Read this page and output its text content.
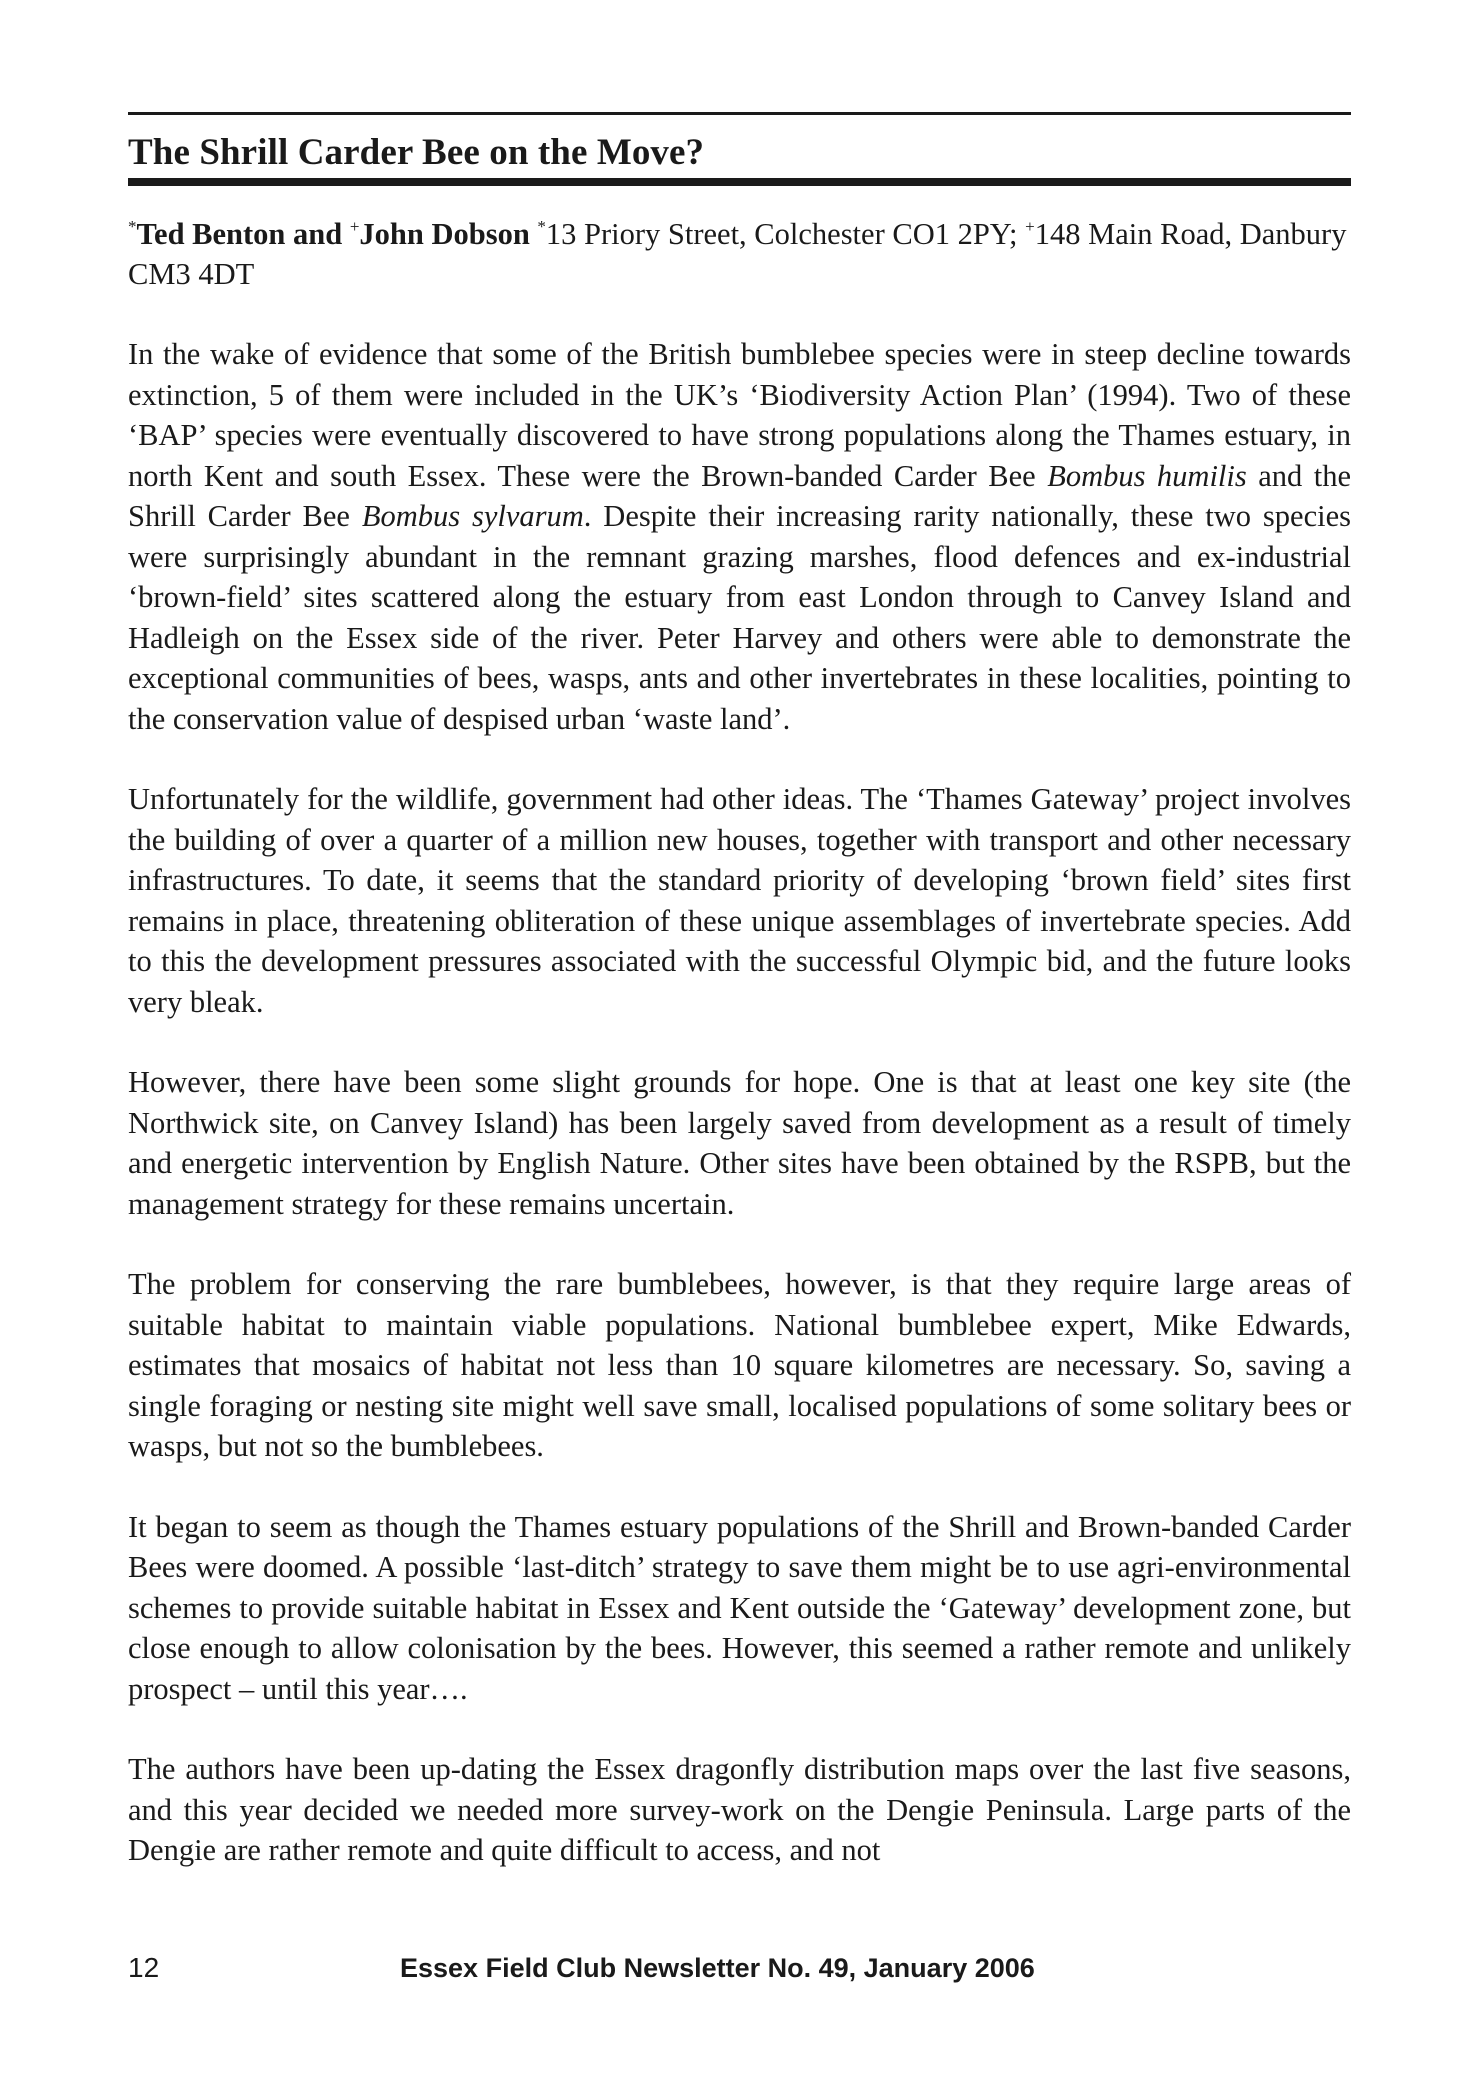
The Shrill Carder Bee on the Move?

*Ted Benton and +John Dobson *13 Priory Street, Colchester CO1 2PY; +148 Main Road, Danbury CM3 4DT

In the wake of evidence that some of the British bumblebee species were in steep decline towards extinction, 5 of them were included in the UK’s ‘Biodiversity Action Plan’ (1994). Two of these ‘BAP’ species were eventually discovered to have strong populations along the Thames estuary, in north Kent and south Essex. These were the Brown-banded Carder Bee Bombus humilis and the Shrill Carder Bee Bombus sylvarum. Despite their increasing rarity nationally, these two species were surprisingly abundant in the remnant grazing marshes, flood defences and ex-industrial ‘brown-field’ sites scattered along the estuary from east London through to Canvey Island and Hadleigh on the Essex side of the river. Peter Harvey and others were able to demonstrate the exceptional communities of bees, wasps, ants and other invertebrates in these localities, pointing to the conservation value of despised urban ‘waste land’.

Unfortunately for the wildlife, government had other ideas. The ‘Thames Gateway’ project involves the building of over a quarter of a million new houses, together with transport and other necessary infrastructures. To date, it seems that the standard priority of developing ‘brown field’ sites first remains in place, threatening obliteration of these unique assemblages of invertebrate species. Add to this the development pressures associated with the successful Olympic bid, and the future looks very bleak.

However, there have been some slight grounds for hope. One is that at least one key site (the Northwick site, on Canvey Island) has been largely saved from development as a result of timely and energetic intervention by English Nature. Other sites have been obtained by the RSPB, but the management strategy for these remains uncertain.

The problem for conserving the rare bumblebees, however, is that they require large areas of suitable habitat to maintain viable populations. National bumblebee expert, Mike Edwards, estimates that mosaics of habitat not less than 10 square kilometres are necessary. So, saving a single foraging or nesting site might well save small, localised populations of some solitary bees or wasps, but not so the bumblebees.

It began to seem as though the Thames estuary populations of the Shrill and Brown-banded Carder Bees were doomed. A possible ‘last-ditch’ strategy to save them might be to use agri-environmental schemes to provide suitable habitat in Essex and Kent outside the ‘Gateway’ development zone, but close enough to allow colonisation by the bees. However, this seemed a rather remote and unlikely prospect – until this year….

The authors have been up-dating the Essex dragonfly distribution maps over the last five seasons, and this year decided we needed more survey-work on the Dengie Peninsula. Large parts of the Dengie are rather remote and quite difficult to access, and not

12	Essex Field Club Newsletter No. 49, January 2006
